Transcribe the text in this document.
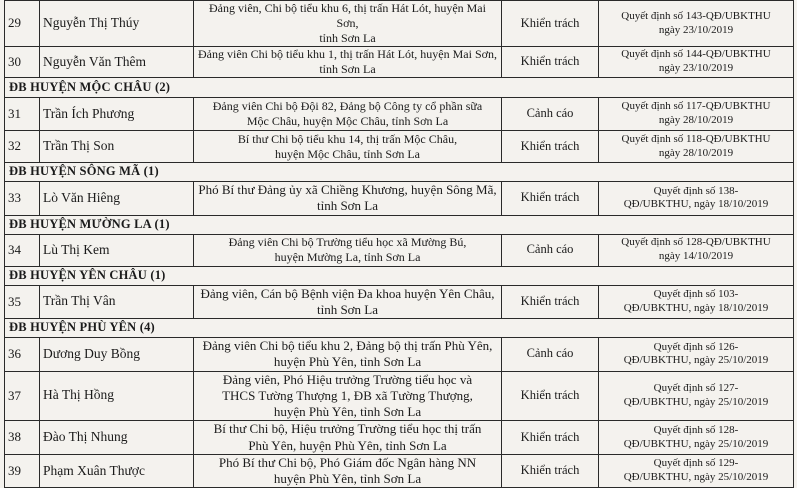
29	Nguyễn Thị Thúy	Đảng viên, Chi bộ tiểu khu 6, thị trấn Hát Lót, huyện Mai Sơn,
tỉnh Sơn La	Khiển trách	Quyết định số 143-QĐ/UBKTHU
ngày 23/10/2019

30	Nguyễn Văn Thêm	Đảng viên Chi bộ tiểu khu 1, thị trấn Hát Lót, huyện Mai Sơn,
tỉnh Sơn La	Khiển trách	Quyết định số 144-QĐ/UBKTHU
ngày 23/10/2019

ĐB HUYỆN MỘC CHÂU (2)				
31	Trần Ích Phương	Đảng viên Chi bộ Đội 82, Đảng bộ Công ty cổ phần sữa
Mộc Châu, huyện Mộc Châu, tỉnh Sơn La	Cảnh cáo	Quyết định số 117-QĐ/UBKTHU
ngày 28/10/2019

32	Trần Thị Son	Bí thư Chi bộ tiểu khu 14, thị trấn Mộc Châu,
huyện Mộc Châu, tỉnh Sơn La	Khiển trách	Quyết định số 118-QĐ/UBKTHU
ngày 28/10/2019

ĐB HUYỆN SÔNG MÃ (1)				
33	Lò Văn Hiêng	Phó Bí thư Đảng ủy xã Chiềng Khương, huyện Sông Mã,
tỉnh Sơn La	Khiển trách	Quyết định số 138-
QĐ/UBKTHU, ngày 18/10/2019

ĐB HUYỆN MƯỜNG LA (1)				
34	Lù Thị Kem	Đảng viên Chi bộ Trường tiểu học xã Mường Bú,
huyện Mường La, tỉnh Sơn La	Cảnh cáo	Quyết định số 128-QĐ/UBKTHU
ngày 14/10/2019

ĐB HUYỆN YÊN CHÂU (1)				
35	Trần Thị Vân	Đảng viên, Cán bộ Bệnh viện Đa khoa huyện Yên Châu,
tỉnh Sơn La	Khiển trách	Quyết định số 103-
QĐ/UBKTHU, ngày 18/10/2019

ĐB HUYỆN PHÙ YÊN (4)				
36	Dương Duy Bồng	Đảng viên Chi bộ tiểu khu 2, Đảng bộ thị trấn Phù Yên,
huyện Phù Yên, tỉnh Sơn La	Cảnh cáo	Quyết định số 126-
QĐ/UBKTHU, ngày 25/10/2019

37	Hà Thị Hồng	Đảng viên, Phó Hiệu trưởng Trường tiểu học và
THCS Tường Thượng 1, ĐB xã Tường Thượng,
huyện Phù Yên, tỉnh Sơn La	Khiển trách	Quyết định số 127-
QĐ/UBKTHU, ngày 25/10/2019

38	Đào Thị Nhung	Bí thư Chi bộ, Hiệu trưởng Trường tiểu học thị trấn
Phù Yên, huyện Phù Yên, tỉnh Sơn La	Khiển trách	Quyết định số 128-
QĐ/UBKTHU, ngày 25/10/2019

39	Phạm Xuân Thược	Phó Bí thư Chi bộ, Phó Giám đốc Ngân hàng NN
huyện Phù Yên, tỉnh Sơn La	Khiển trách	Quyết định số 129-
QĐ/UBKTHU, ngày 25/10/2019
